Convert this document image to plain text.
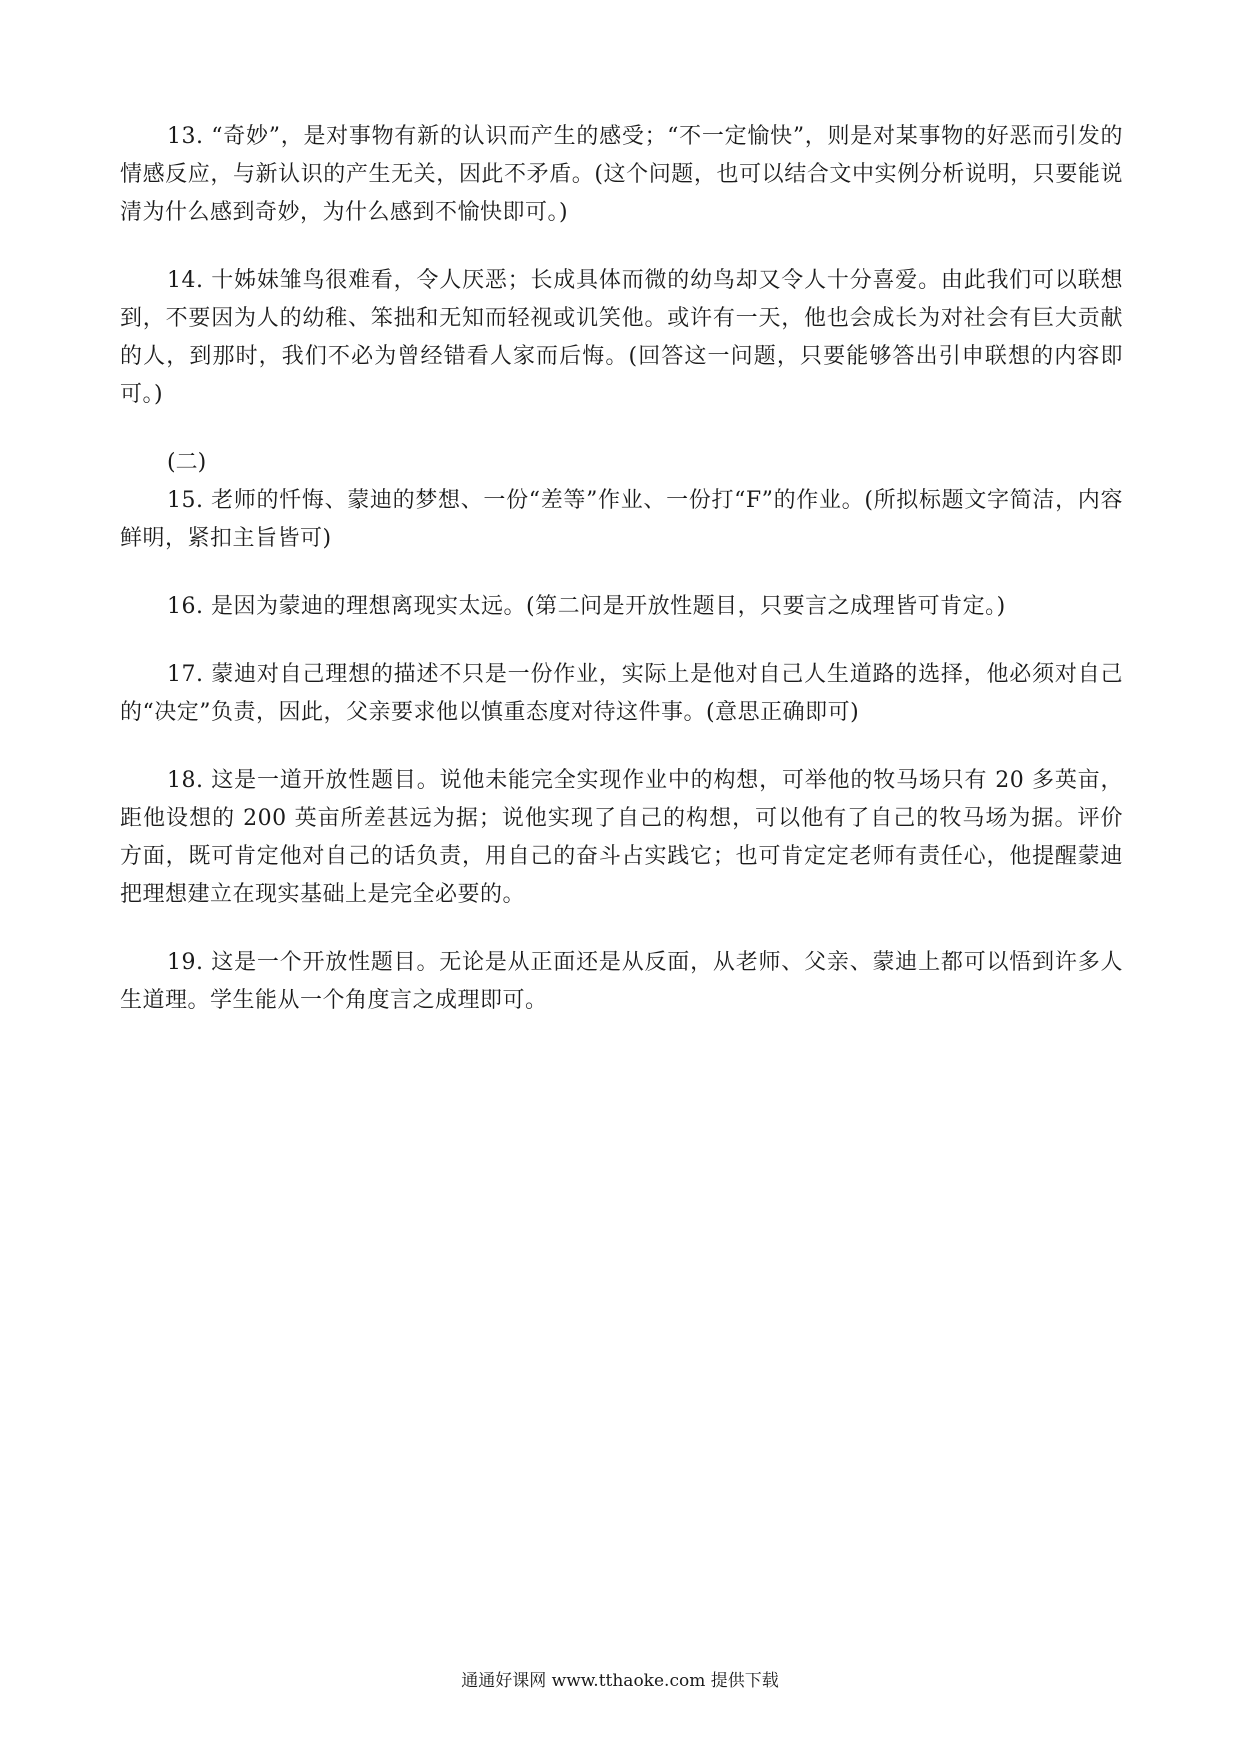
13. “奇妙”，是对事物有新的认识而产生的感受；“不一定愉快”，则是对某事物的好恶而引发的情感反应，与新认识的产生无关，因此不矛盾。(这个问题，也可以结合文中实例分析说明，只要能说清为什么感到奇妙，为什么感到不愉快即可。)

14. 十姊妹雏鸟很难看，令人厌恶；长成具体而微的幼鸟却又令人十分喜爱。由此我们可以联想到，不要因为人的幼稚、笨拙和无知而轻视或讥笑他。或许有一天，他也会成长为对社会有巨大贡献的人，到那时，我们不必为曾经错看人家而后悔。(回答这一问题，只要能够答出引申联想的内容即可。)

(二)

15. 老师的忏悔、蒙迪的梦想、一份“差等”作业、一份打“F”的作业。(所拟标题文字简洁，内容鲜明，紧扣主旨皆可)

16. 是因为蒙迪的理想离现实太远。(第二问是开放性题目，只要言之成理皆可肯定。)

17. 蒙迪对自己理想的描述不只是一份作业，实际上是他对自己人生道路的选择，他必须对自己的“决定”负责，因此，父亲要求他以慎重态度对待这件事。(意思正确即可)

18. 这是一道开放性题目。说他未能完全实现作业中的构想，可举他的牧马场只有 20 多英亩，距他设想的 200 英亩所差甚远为据；说他实现了自己的构想，可以他有了自己的牧马场为据。评价方面，既可肯定他对自己的话负责，用自己的奋斗占实践它；也可肯定定老师有责任心，他提醒蒙迪把理想建立在现实基础上是完全必要的。

19. 这是一个开放性题目。无论是从正面还是从反面，从老师、父亲、蒙迪上都可以悟到许多人生道理。学生能从一个角度言之成理即可。

通通好课网 www.tthaoke.com 提供下载
